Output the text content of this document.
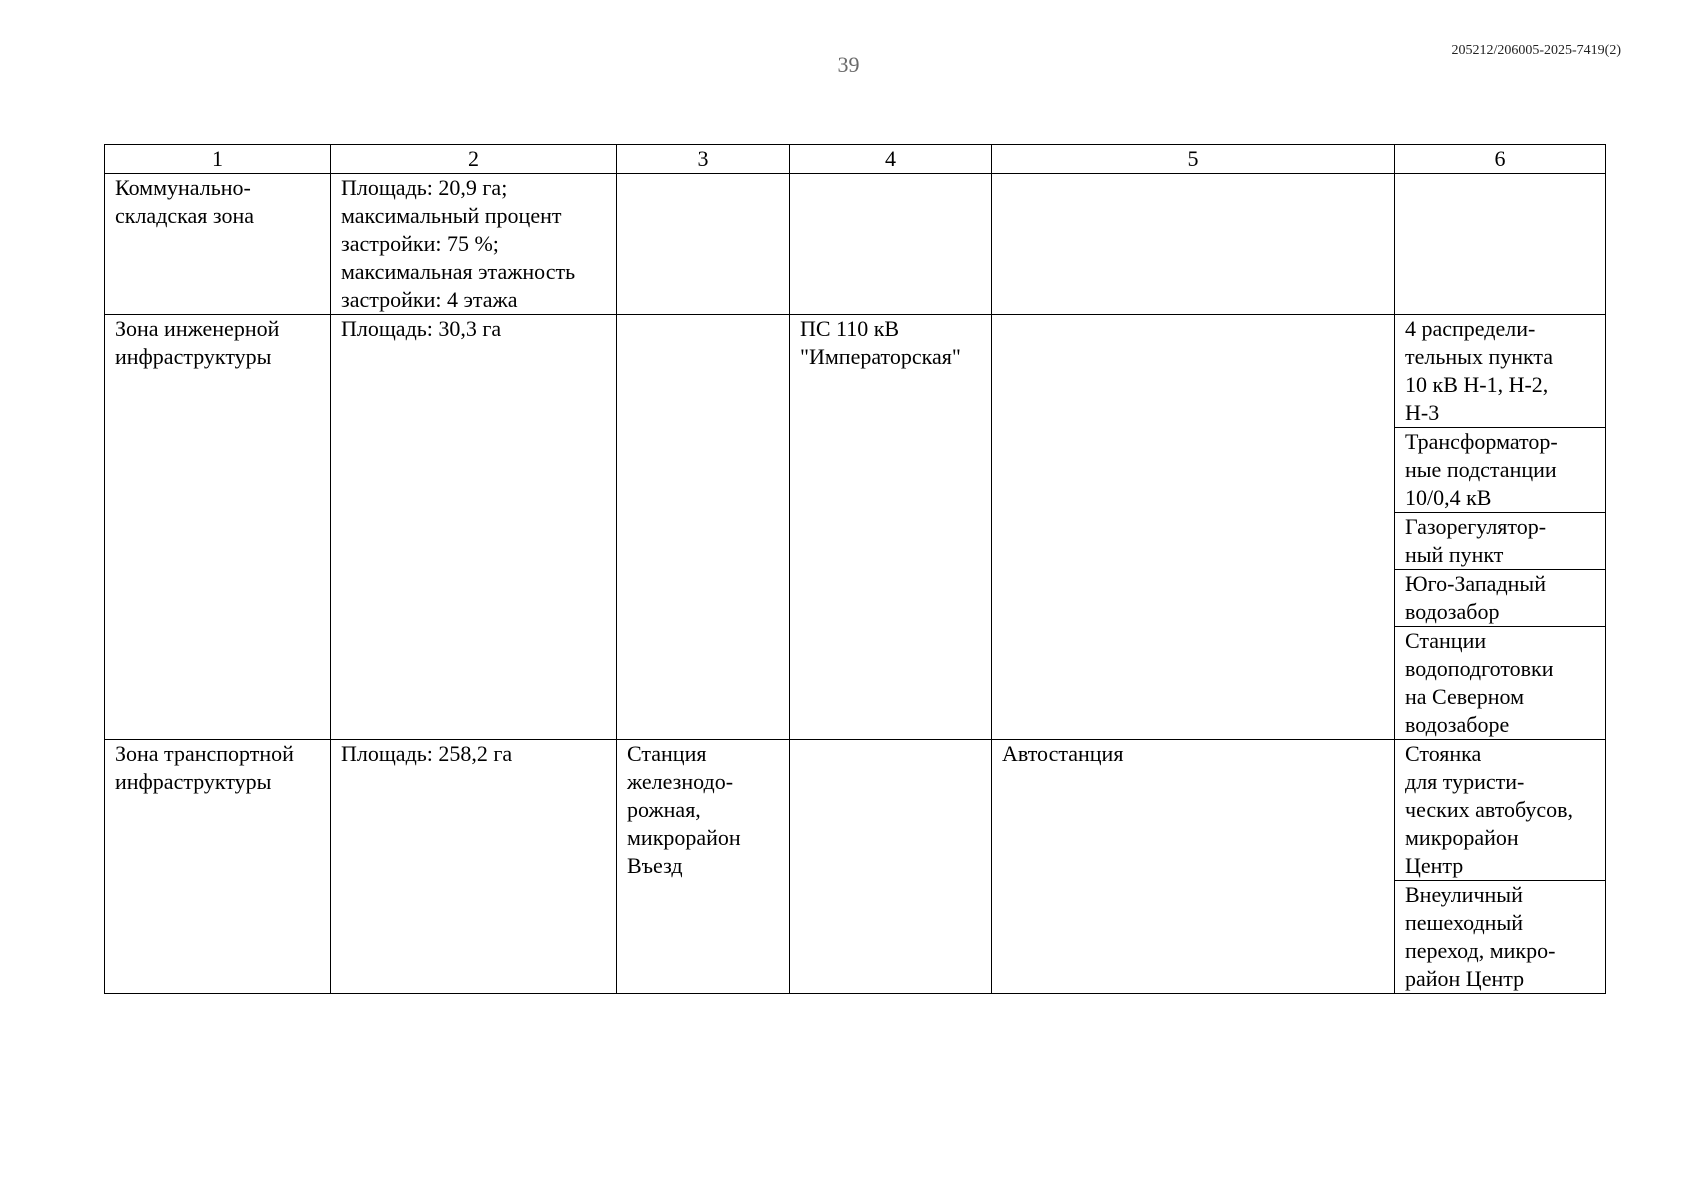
39
205212/206005-2025-7419(2)
1	2	3	4	5	6
Коммунально-
складская зона	Площадь: 20,9 га;
максимальный процент
застройки: 75 %;
максимальная этажность
застройки: 4 этажа				
Зона инженерной
инфраструктуры	Площадь: 30,3 га		ПС 110 кВ
"Императорская"		4 распредели-
тельных пункта
10 кВ Н-1, Н-2,
Н-3
					Трансформатор-
ные подстанции
10/0,4 кВ
					Газорегулятор-
ный пункт
					Юго-Западный
водозабор
					Станции
водоподготовки
на Северном
водозаборе
Зона транспортной
инфраструктуры	Площадь: 258,2 га	Станция
железнодо-
рожная,
микрорайон
Въезд		Автостанция	Стоянка
для туристи-
ческих автобусов,
микрорайон
Центр
					Внеуличный
пешеходный
переход, микро-
район Центр
